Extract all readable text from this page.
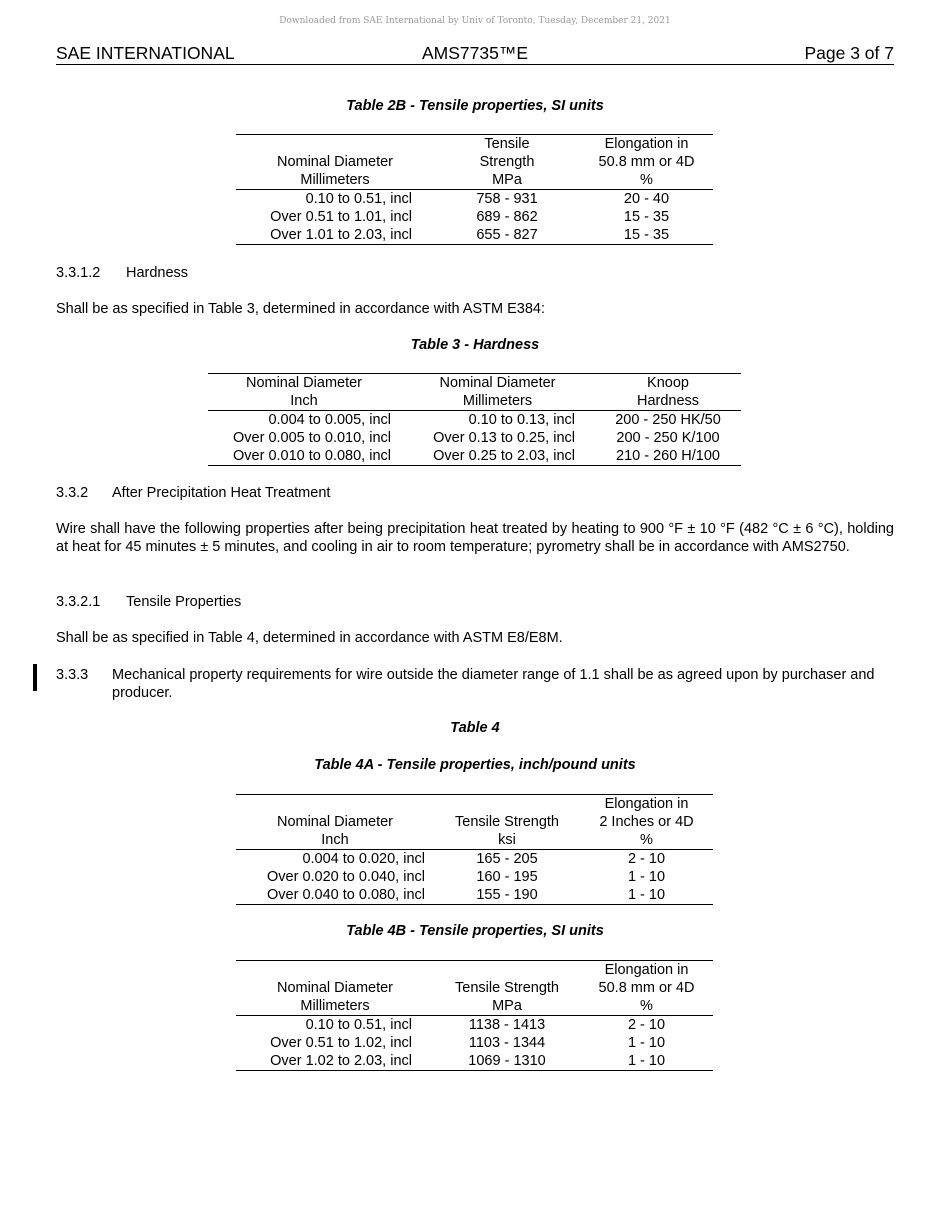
Downloaded from SAE International by Univ of Toronto, Tuesday, December 21, 2021
SAE INTERNATIONAL	AMS7735™E	Page 3 of 7
Table 2B - Tensile properties, SI units
	Tensile	Elongation in
Nominal Diameter	Strength	50.8 mm or 4D
Millimeters	MPa	%
0.10 to 0.51, incl	758 - 931	20 - 40
Over 0.51 to 1.01, incl	689 - 862	15 - 35
Over 1.01 to 2.03, incl	655 - 827	15 - 35
3.3.1.2 Hardness
Shall be as specified in Table 3, determined in accordance with ASTM E384:
Table 3 - Hardness
Nominal Diameter	Nominal Diameter	Knoop
Inch	Millimeters	Hardness
0.004 to 0.005, incl	0.10 to 0.13, incl	200 - 250 HK/50
Over 0.005 to 0.010, incl	Over 0.13 to 0.25, incl	200 - 250 K/100
Over 0.010 to 0.080, incl	Over 0.25 to 2.03, incl	210 - 260 H/100
3.3.2 After Precipitation Heat Treatment
Wire shall have the following properties after being precipitation heat treated by heating to 900 °F ± 10 °F (482 °C ± 6 °C), holding at heat for 45 minutes ± 5 minutes, and cooling in air to room temperature; pyrometry shall be in accordance with AMS2750.
3.3.2.1 Tensile Properties
Shall be as specified in Table 4, determined in accordance with ASTM E8/E8M.
3.3.3 Mechanical property requirements for wire outside the diameter range of 1.1 shall be as agreed upon by purchaser and producer.
Table 4
Table 4A - Tensile properties, inch/pound units
		Elongation in
Nominal Diameter	Tensile Strength	2 Inches or 4D
Inch	ksi	%
0.004 to 0.020, incl	165 - 205	2 - 10
Over 0.020 to 0.040, incl	160 - 195	1 - 10
Over 0.040 to 0.080, incl	155 - 190	1 - 10
Table 4B - Tensile properties, SI units
		Elongation in
Nominal Diameter	Tensile Strength	50.8 mm or 4D
Millimeters	MPa	%
0.10 to 0.51, incl	1138 - 1413	2 - 10
Over 0.51 to 1.02, incl	1103 - 1344	1 - 10
Over 1.02 to 2.03, incl	1069 - 1310	1 - 10
